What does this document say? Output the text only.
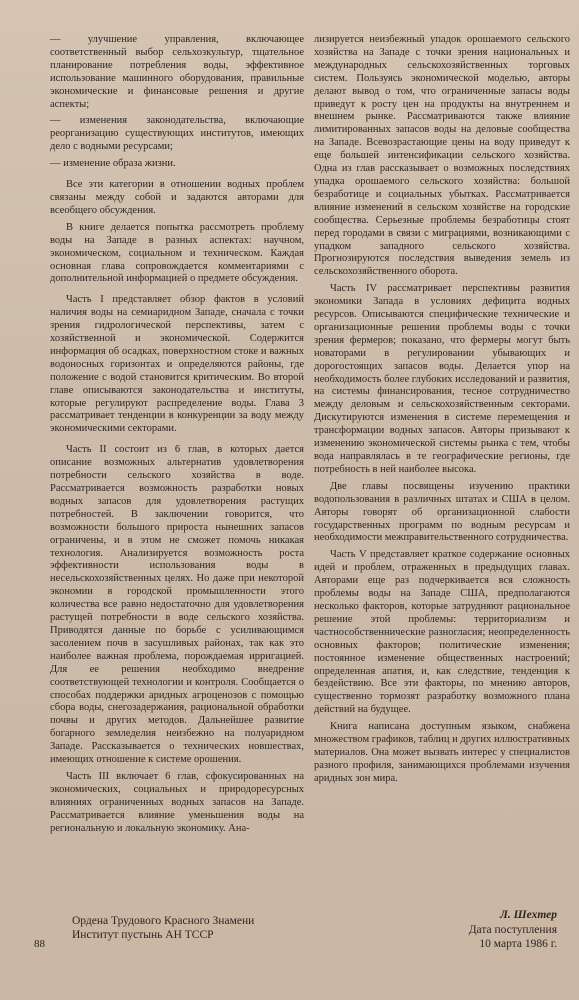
— улучшение управления, включающее соответственный выбор сельхозкультур, тщательное планирование потребления воды, эффективное использование машинного оборудования, правильные экономические и финансовые решения и другие аспекты;

— изменения законодательства, включающие реорганизацию существующих институтов, имеющих дело с водными ресурсами;

— изменение образа жизни.

Все эти категории в отношении водных проблем связаны между собой и задаются авторами для всеобщего обсуждения.

В книге делается попытка рассмотреть проблему воды на Западе в разных аспектах: научном, экономическом, социальном и техническом. Каждая основная глава сопровождается комментариями с дополнительной информацией о предмете обсуждения.

Часть I представляет обзор фактов в условий наличия воды на семиаридном Западе, сначала с точки зрения гидрологической перспективы, затем с хозяйственной и экономической. Содержится информация об осадках, поверхностном стоке и важных водоносных горизонтах и определяются районы, где положение с водой становится критическим. Во второй главе описываются законодательства и институты, которые регулируют распределение воды. Глава 3 рассматривает тенденции в конкуренции за воду между экономическими секторами.

Часть II состоит из 6 глав, в которых дается описание возможных альтернатив удовлетворения потребности сельского хозяйства в воде. Рассматривается возможность разработки новых водных запасов для удовлетворения растущих потребностей. В заключении говорится, что возможности большого прироста нынешних запасов ограничены, и в этом не сможет помочь никакая технология. Анализируется возможность роста эффективности использования воды в несельскохозяйственных целях. Но даже при некоторой экономии в городской промышленности этого количества все равно недостаточно для удовлетворения растущей потребности в воде сельского хозяйства. Приводятся данные по борьбе с усиливающимся засолением почв в засушливых районах, так как это наиболее важная проблема, порождаемая ирригацией. Для ее решения необходимо внедрение соответствующей технологии и контроля. Сообщается о способах поддержки аридных агроценозов с помощью сбора воды, снегозадержания, рациональной обработки почвы и других методов. Дальнейшее развитие богарного земледелия неизбежно на полуаридном Западе. Рассказывается о технических новшествах, имеющих отношение к системе орошения.

Часть III включает 6 глав, сфокусированных на экономических, социальных и природоресурсных влияниях ограниченных водных запасов на Западе. Рассматривается влияние уменьшения воды на региональную и локальную экономику. Ана-

лизируется неизбежный упадок орошаемого сельского хозяйства на Западе с точки зрения национальных и международных сельскохозяйственных торговых систем. Пользуясь экономической моделью, авторы делают вывод о том, что ограниченные запасы воды приведут к росту цен на продукты на внутреннем и внешнем рынке. Рассматриваются также влияние лимитированных запасов воды на деловые сообщества на Западе. Всевозрастающие цены на воду приведут к еще большей интенсификации сельского хозяйства. Одна из глав рассказывает о возможных последствиях упадка орошаемого сельского хозяйства: большой безработице и социальных убытках. Рассматривается влияние изменений в сельском хозяйстве на городские сообщества. Серьезные проблемы безработицы стоят перед городами в связи с миграциями, возникающими с упадком западного сельского хозяйства. Прогнозируются последствия выведения земель из сельскохозяйственного оборота.

Часть IV рассматривает перспективы развития экономики Запада в условиях дефицита водных ресурсов. Описываются специфические технические и организационные решения проблемы воды с точки зрения фермеров; показано, что фермеры могут быть новаторами в регулировании убывающих и дорогостоящих запасов воды. Делается упор на необходимость более глубоких исследований и развития, на системы финансирования, тесное сотрудничество между деловым и сельскохозяйственным секторами. Дискутируются изменения в системе перемещения и трансформации водных запасов. Авторы призывают к изменению экономической системы рынка с тем, чтобы вода направлялась в те географические регионы, где потребность в ней наиболее высока.

Две главы посвящены изучению практики водопользования в различных штатах и США в целом. Авторы говорят об организационной слабости государственных программ по водным ресурсам и необходимости межправительственного сотрудничества.

Часть V представляет краткое содержание основных идей и проблем, отраженных в предыдущих главах. Авторами еще раз подчеркивается вся сложность проблемы воды на Западе США, предполагаются несколько факторов, которые затрудняют рациональное решение этой проблемы: территориализм и частнособственнические разногласия; неопределенность основных факторов; политические изменения; постоянное изменение общественных настроений; определенная апатия, и, как следствие, тенденция к бездействию. Все эти факторы, по мнению авторов, существенно тормозят разработку возможного плана действий на будущее.

Книга написана доступным языком, снабжена множеством графиков, таблиц и других иллюстративных материалов. Она может вызвать интерес у специалистов разного профиля, занимающихся проблемами изучения аридных зон мира.

Л. Шехтер
Дата поступления
10 марта 1986 г.
Ордена Трудового Красного Знамени
Институт пустынь АН ТССР
88
